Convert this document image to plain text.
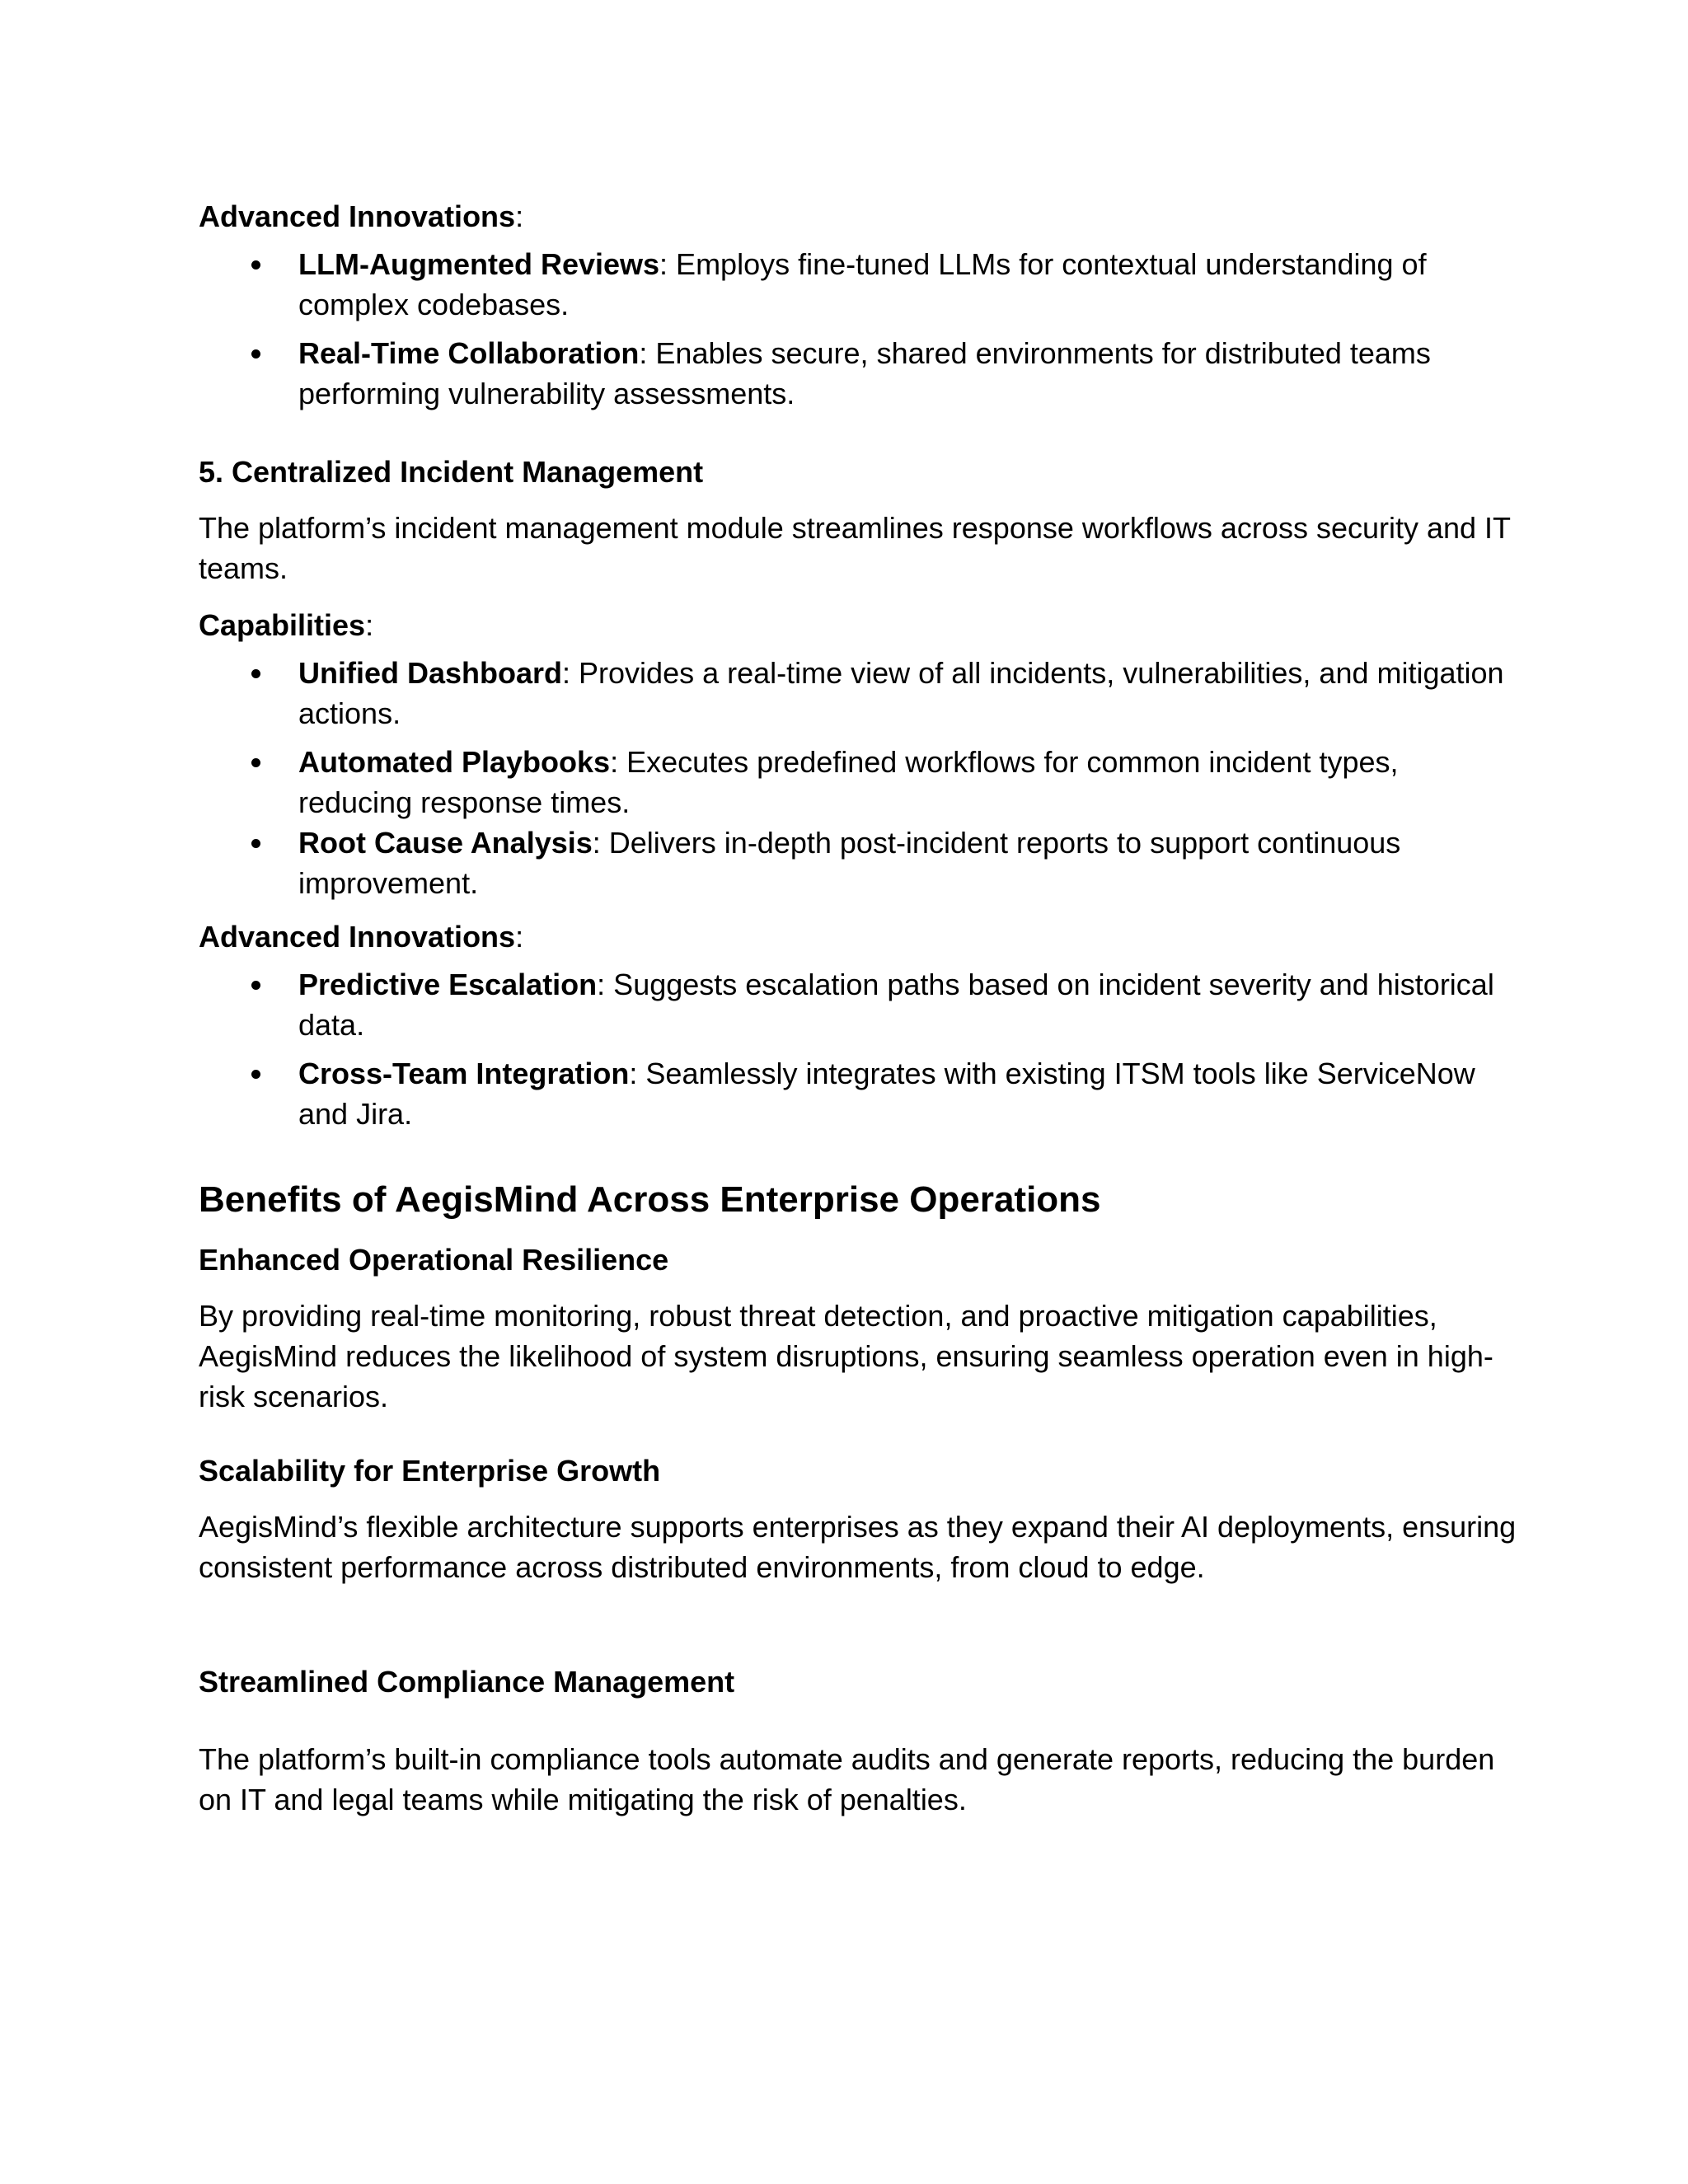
Advanced Innovations:

LLM-Augmented Reviews: Employs fine-tuned LLMs for contextual understanding of complex codebases.
Real-Time Collaboration: Enables secure, shared environments for distributed teams performing vulnerability assessments.

5. Centralized Incident Management

The platform’s incident management module streamlines response workflows across security and IT teams.

Capabilities:

Unified Dashboard: Provides a real-time view of all incidents, vulnerabilities, and mitigation actions.
Automated Playbooks: Executes predefined workflows for common incident types, reducing response times.
Root Cause Analysis: Delivers in-depth post-incident reports to support continuous improvement.

Advanced Innovations:

Predictive Escalation: Suggests escalation paths based on incident severity and historical data.
Cross-Team Integration: Seamlessly integrates with existing ITSM tools like ServiceNow and Jira.

Benefits of AegisMind Across Enterprise Operations

Enhanced Operational Resilience

By providing real-time monitoring, robust threat detection, and proactive mitigation capabilities, AegisMind reduces the likelihood of system disruptions, ensuring seamless operation even in high-risk scenarios.

Scalability for Enterprise Growth

AegisMind’s flexible architecture supports enterprises as they expand their AI deployments, ensuring consistent performance across distributed environments, from cloud to edge.

Streamlined Compliance Management

The platform’s built-in compliance tools automate audits and generate reports, reducing the burden on IT and legal teams while mitigating the risk of penalties.
